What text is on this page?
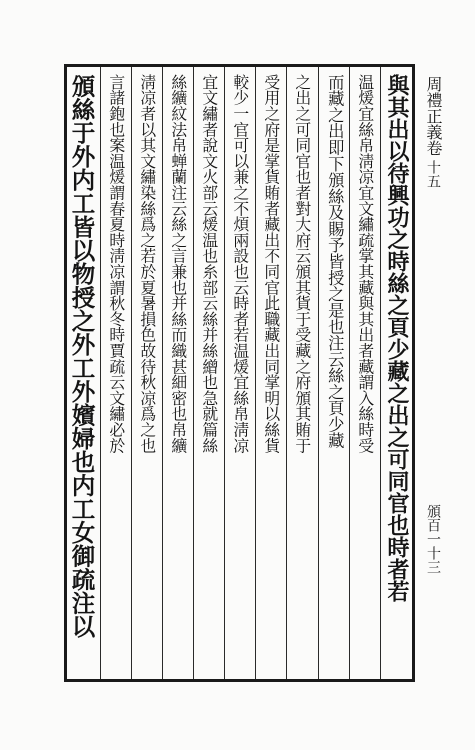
頒絲于外内工皆以物授之外工外嬪婦也内工女御疏注以 言諸鉋也案温煖謂春夏時淸凉謂秋冬時賈疏云文繡必於 淸凉者以其文繡染絲爲之若於夏暑損色故待秋凉爲之也 絲纊紋法帛蝉蘭注云絲之言兼也并絲而織甚細密也帛纊 宜文繡者說文火部云煖温也糸部云絲并絲繒也急就篇絲 較少一官可以兼之不煩兩設也云時者若温煖宜絲帛淸凉 受用之府是掌貨賄者藏出不同官此職藏出同掌明以絲貨 之出之可同官也者對大府云頒其貨于受藏之府頒其賄于 而藏之出即下頒絲及賜予皆授之是也注云絲之頁少藏 温煖宜絲帛淸凉宜文繡疏掌其藏與其出者藏謂入絲時受 與其出以待興功之時絲之頁少藏之出之可同官也時者若 周禮正義卷
十五
頒百一十三
